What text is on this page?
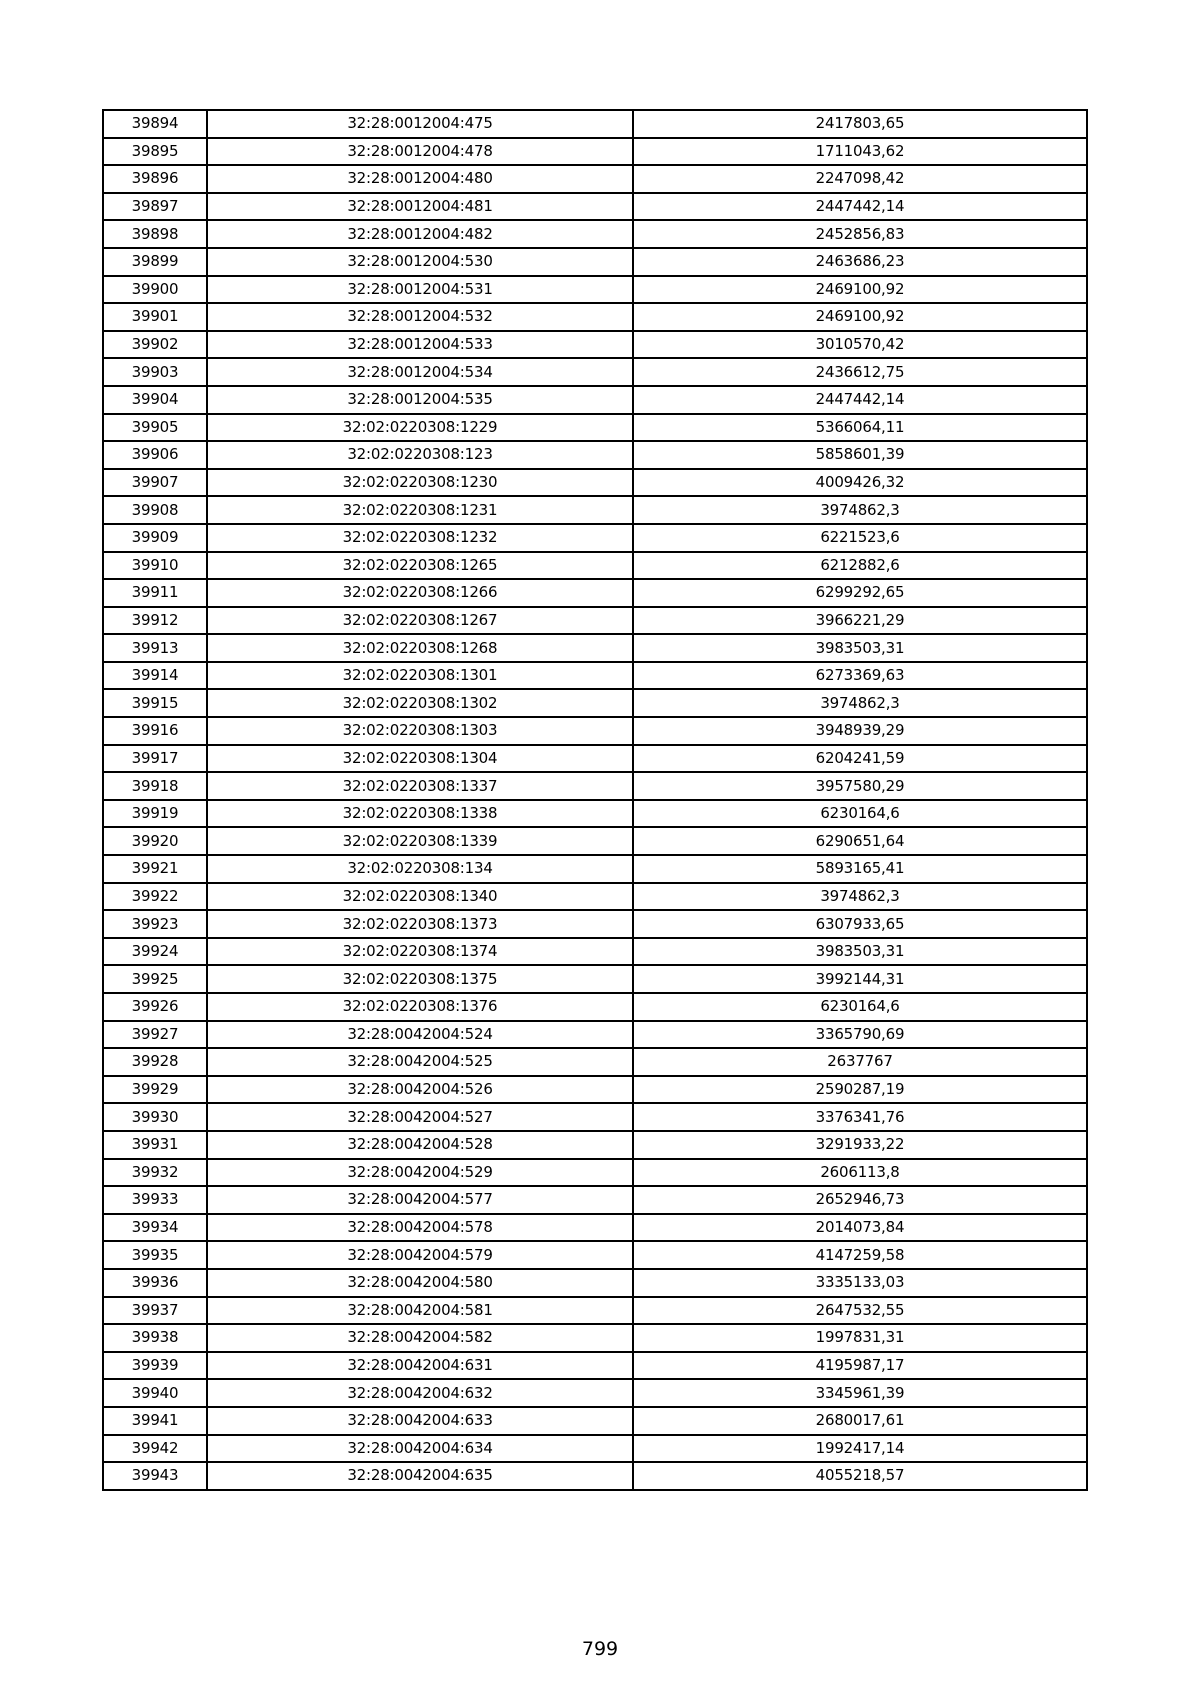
39894	32:28:0012004:475	2417803,65
39895	32:28:0012004:478	1711043,62
39896	32:28:0012004:480	2247098,42
39897	32:28:0012004:481	2447442,14
39898	32:28:0012004:482	2452856,83
39899	32:28:0012004:530	2463686,23
39900	32:28:0012004:531	2469100,92
39901	32:28:0012004:532	2469100,92
39902	32:28:0012004:533	3010570,42
39903	32:28:0012004:534	2436612,75
39904	32:28:0012004:535	2447442,14
39905	32:02:0220308:1229	5366064,11
39906	32:02:0220308:123	5858601,39
39907	32:02:0220308:1230	4009426,32
39908	32:02:0220308:1231	3974862,3
39909	32:02:0220308:1232	6221523,6
39910	32:02:0220308:1265	6212882,6
39911	32:02:0220308:1266	6299292,65
39912	32:02:0220308:1267	3966221,29
39913	32:02:0220308:1268	3983503,31
39914	32:02:0220308:1301	6273369,63
39915	32:02:0220308:1302	3974862,3
39916	32:02:0220308:1303	3948939,29
39917	32:02:0220308:1304	6204241,59
39918	32:02:0220308:1337	3957580,29
39919	32:02:0220308:1338	6230164,6
39920	32:02:0220308:1339	6290651,64
39921	32:02:0220308:134	5893165,41
39922	32:02:0220308:1340	3974862,3
39923	32:02:0220308:1373	6307933,65
39924	32:02:0220308:1374	3983503,31
39925	32:02:0220308:1375	3992144,31
39926	32:02:0220308:1376	6230164,6
39927	32:28:0042004:524	3365790,69
39928	32:28:0042004:525	2637767
39929	32:28:0042004:526	2590287,19
39930	32:28:0042004:527	3376341,76
39931	32:28:0042004:528	3291933,22
39932	32:28:0042004:529	2606113,8
39933	32:28:0042004:577	2652946,73
39934	32:28:0042004:578	2014073,84
39935	32:28:0042004:579	4147259,58
39936	32:28:0042004:580	3335133,03
39937	32:28:0042004:581	2647532,55
39938	32:28:0042004:582	1997831,31
39939	32:28:0042004:631	4195987,17
39940	32:28:0042004:632	3345961,39
39941	32:28:0042004:633	2680017,61
39942	32:28:0042004:634	1992417,14
39943	32:28:0042004:635	4055218,57
799
